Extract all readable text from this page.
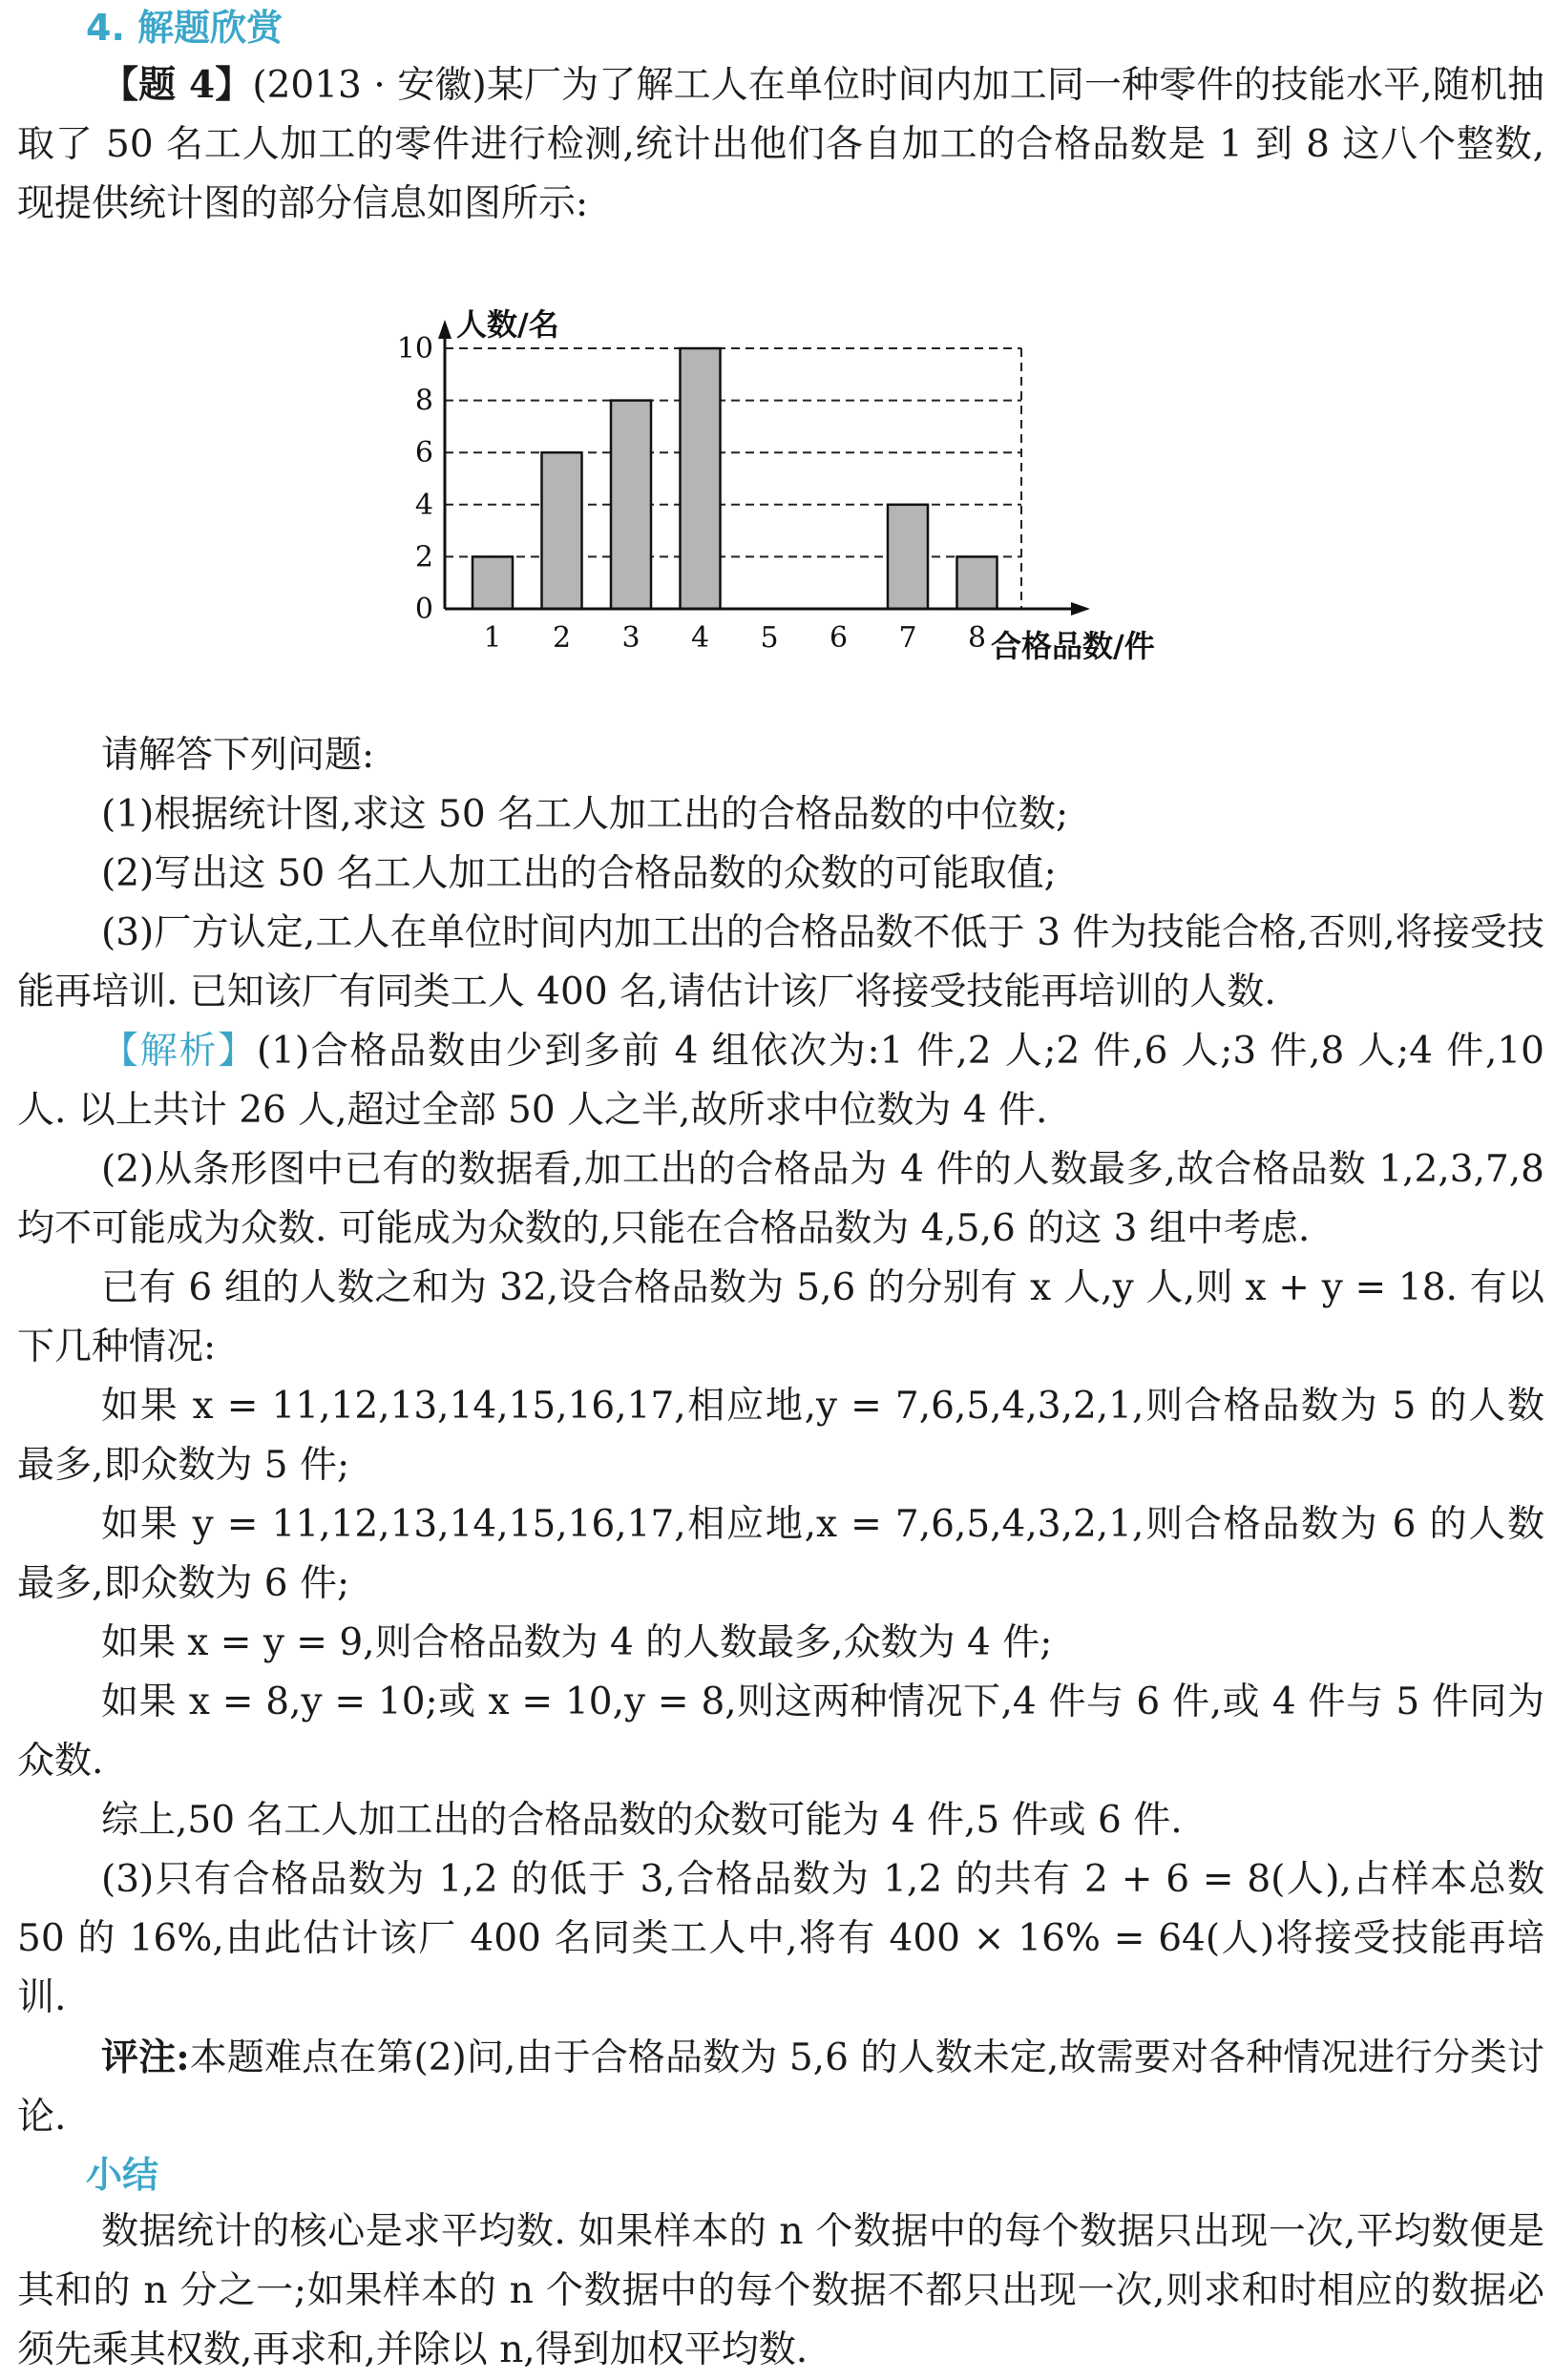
4. 解题欣赏

【题 4】(2013 · 安徽)某厂为了解工人在单位时间内加工同一种零件的技能水平,随机抽取了 50 名工人加工的零件进行检测,统计出他们各自加工的合格品数是 1 到 8 这八个整数,现提供统计图的部分信息如图所示:

0
2
4
6
8
10
1 2 3 4 5 6 7 8
人数/名
合格品数/件

请解答下列问题:

(1)根据统计图,求这 50 名工人加工出的合格品数的中位数;

(2)写出这 50 名工人加工出的合格品数的众数的可能取值;

(3)厂方认定,工人在单位时间内加工出的合格品数不低于 3 件为技能合格,否则,将接受技能再培训. 已知该厂有同类工人 400 名,请估计该厂将接受技能再培训的人数.

【解析】(1)合格品数由少到多前 4 组依次为:1 件,2 人;2 件,6 人;3 件,8 人;4 件,10 人. 以上共计 26 人,超过全部 50 人之半,故所求中位数为 4 件.

(2)从条形图中已有的数据看,加工出的合格品为 4 件的人数最多,故合格品数 1,2,3,7,8 均不可能成为众数. 可能成为众数的,只能在合格品数为 4,5,6 的这 3 组中考虑.

已有 6 组的人数之和为 32,设合格品数为 5,6 的分别有 x 人,y 人,则 x + y = 18. 有以下几种情况:

如果 x = 11,12,13,14,15,16,17,相应地,y = 7,6,5,4,3,2,1,则合格品数为 5 的人数最多,即众数为 5 件;

如果 y = 11,12,13,14,15,16,17,相应地,x = 7,6,5,4,3,2,1,则合格品数为 6 的人数最多,即众数为 6 件;

如果 x = y = 9,则合格品数为 4 的人数最多,众数为 4 件;

如果 x = 8,y = 10;或 x = 10,y = 8,则这两种情况下,4 件与 6 件,或 4 件与 5 件同为众数.

综上,50 名工人加工出的合格品数的众数可能为 4 件,5 件或 6 件.

(3)只有合格品数为 1,2 的低于 3,合格品数为 1,2 的共有 2 + 6 = 8(人),占样本总数 50 的 16%,由此估计该厂 400 名同类工人中,将有 400 × 16% = 64(人)将接受技能再培训.

评注:本题难点在第(2)问,由于合格品数为 5,6 的人数未定,故需要对各种情况进行分类讨论.

小结

数据统计的核心是求平均数. 如果样本的 n 个数据中的每个数据只出现一次,平均数便是其和的 n 分之一;如果样本的 n 个数据中的每个数据不都只出现一次,则求和时相应的数据必须先乘其权数,再求和,并除以 n,得到加权平均数.
